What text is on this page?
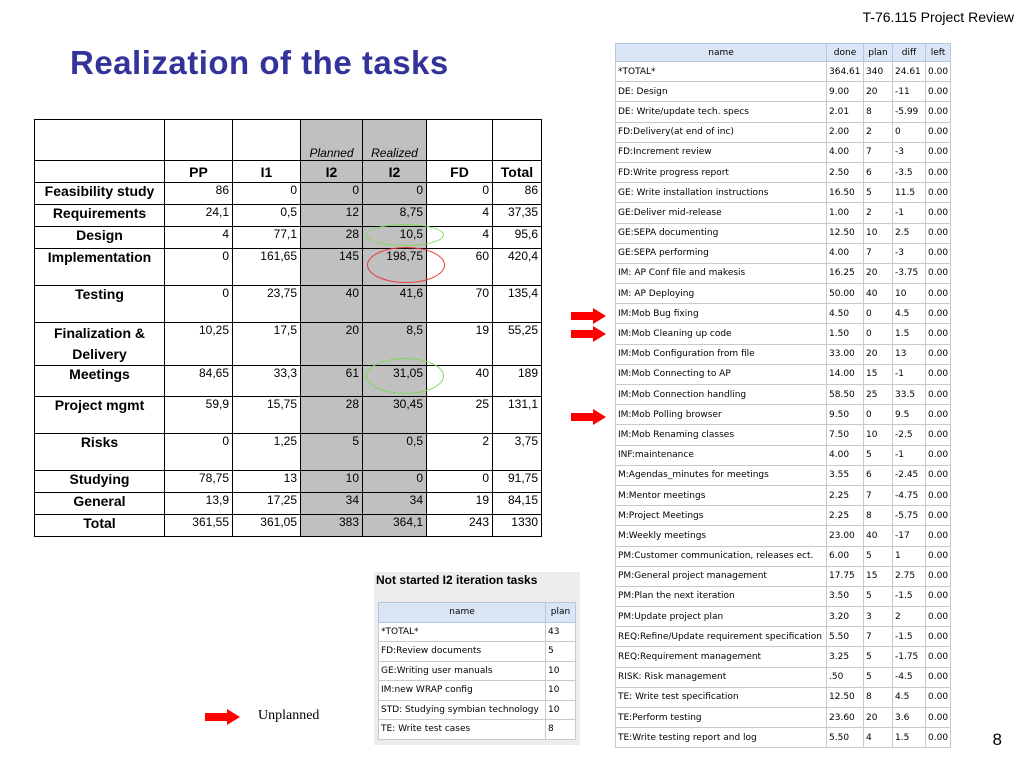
T-76.115 Project Review
Realization of the tasks
			Planned	Realized		
	PP	I1	I2	I2	FD	Total
Feasibility study	86	0	0	0	0	86
Requirements	24,1	0,5	12	8,75	4	37,35
Design	4	77,1	28	10,5	4	95,6
Implementation	0	161,65	145	198,75	60	420,4
Testing	0	23,75	40	41,6	70	135,4
Finalization & Delivery	10,25	17,5	20	8,5	19	55,25
Meetings	84,65	33,3	61	31,05	40	189
Project mgmt	59,9	15,75	28	30,45	25	131,1
Risks	0	1,25	5	0,5	2	3,75
Studying	78,75	13	10	0	0	91,75
General	13,9	17,25	34	34	19	84,15
Total	361,55	361,05	383	364,1	243	1330
name	done	plan	diff	left
*TOTAL*	364.61	340	24.61	0.00
DE: Design	9.00	20	-11	0.00
DE: Write/update tech. specs	2.01	8	-5.99	0.00
FD:Delivery(at end of inc)	2.00	2	0	0.00
FD:Increment review	4.00	7	-3	0.00
FD:Write progress report	2.50	6	-3.5	0.00
GE: Write installation instructions	16.50	5	11.5	0.00
GE:Deliver mid-release	1.00	2	-1	0.00
GE:SEPA documenting	12.50	10	2.5	0.00
GE:SEPA performing	4.00	7	-3	0.00
IM: AP Conf file and makesis	16.25	20	-3.75	0.00
IM: AP Deploying	50.00	40	10	0.00
IM:Mob Bug fixing	4.50	0	4.5	0.00
IM:Mob Cleaning up code	1.50	0	1.5	0.00
IM:Mob Configuration from file	33.00	20	13	0.00
IM:Mob Connecting to AP	14.00	15	-1	0.00
IM:Mob Connection handling	58.50	25	33.5	0.00
IM:Mob Polling browser	9.50	0	9.5	0.00
IM:Mob Renaming classes	7.50	10	-2.5	0.00
INF:maintenance	4.00	5	-1	0.00
M:Agendas_minutes for meetings	3.55	6	-2.45	0.00
M:Mentor meetings	2.25	7	-4.75	0.00
M:Project Meetings	2.25	8	-5.75	0.00
M:Weekly meetings	23.00	40	-17	0.00
PM:Customer communication, releases ect.	6.00	5	1	0.00
PM:General project management	17.75	15	2.75	0.00
PM:Plan the next iteration	3.50	5	-1.5	0.00
PM:Update project plan	3.20	3	2	0.00
REQ:Refine/Update requirement specification	5.50	7	-1.5	0.00
REQ:Requirement management	3.25	5	-1.75	0.00
RISK: Risk management	.50	5	-4.5	0.00
TE: Write test specification	12.50	8	4.5	0.00
TE:Perform testing	23.60	20	3.6	0.00
TE:Write testing report and log	5.50	4	1.5	0.00
Not started I2 iteration tasks
name	plan
*TOTAL*	43
FD:Review documents	5
GE:Writing user manuals	10
IM:new WRAP config	10
STD: Studying symbian technology	10
TE: Write test cases	8
Unplanned
8
